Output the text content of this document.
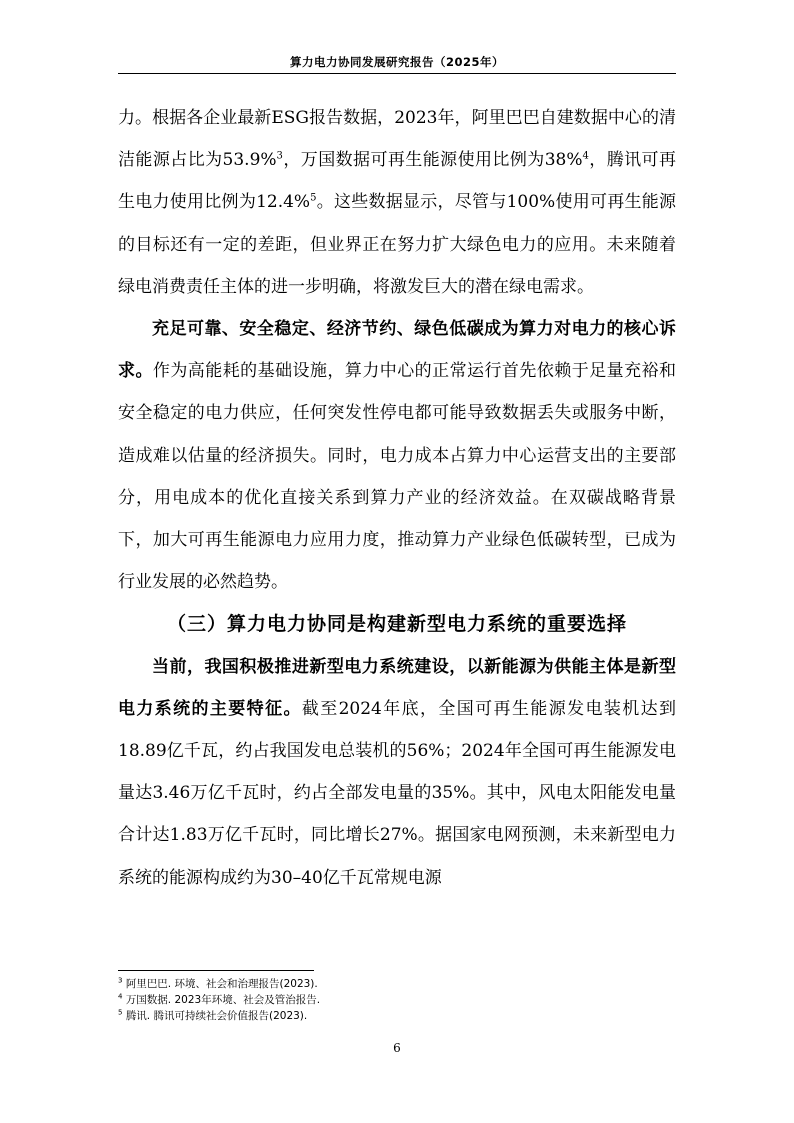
算力电力协同发展研究报告（2025年）

力。根据各企业最新ESG报告数据，2023年，阿里巴巴自建数据中心的清洁能源占比为53.9%$^3$，万国数据可再生能源使用比例为38%$^4$，腾讯可再生电力使用比例为12.4%$^5$。这些数据显示，尽管与100%使用可再生能源的目标还有一定的差距，但业界正在努力扩大绿色电力的应用。未来随着绿电消费责任主体的进一步明确，将激发巨大的潜在绿电需求。

充足可靠、安全稳定、经济节约、绿色低碳成为算力对电力的核心诉求。作为高能耗的基础设施，算力中心的正常运行首先依赖于足量充裕和安全稳定的电力供应，任何突发性停电都可能导致数据丢失或服务中断，造成难以估量的经济损失。同时，电力成本占算力中心运营支出的主要部分，用电成本的优化直接关系到算力产业的经济效益。在双碳战略背景下，加大可再生能源电力应用力度，推动算力产业绿色低碳转型，已成为行业发展的必然趋势。

（三）算力电力协同是构建新型电力系统的重要选择

当前，我国积极推进新型电力系统建设，以新能源为供能主体是新型电力系统的主要特征。截至2024年底，全国可再生能源发电装机达到18.89亿千瓦，约占我国发电总装机的56%；2024年全国可再生能源发电量达3.46万亿千瓦时，约占全部发电量的35%。其中，风电太阳能发电量合计达1.83万亿千瓦时，同比增长27%。据国家电网预测，未来新型电力系统的能源构成约为30–40亿千瓦常规电源

$^3$ 阿里巴巴. 环境、社会和治理报告(2023).
$^4$ 万国数据. 2023年环境、社会及管治报告.
$^5$ 腾讯. 腾讯可持续社会价值报告(2023).
6
